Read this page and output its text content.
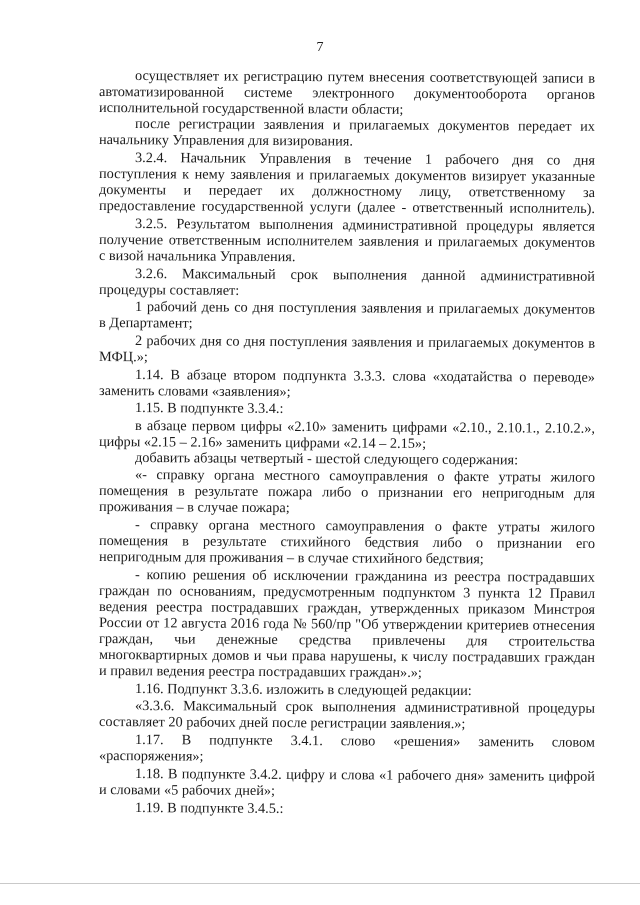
7
осуществляет их регистрацию путем внесения соответствующей записи в
автоматизированной системе электронного документооборота органов
исполнительной государственной власти области;
после регистрации заявления и прилагаемых документов передает их
начальнику Управления для визирования.
3.2.4. Начальник Управления в течение 1 рабочего дня со дня
поступления к нему заявления и прилагаемых документов визирует указанные
документы и передает их должностному лицу, ответственному за
предоставление государственной услуги (далее - ответственный исполнитель).
3.2.5. Результатом выполнения административной процедуры является
получение ответственным исполнителем заявления и прилагаемых документов
с визой начальника Управления.
3.2.6. Максимальный срок выполнения данной административной
процедуры составляет:
1 рабочий день со дня поступления заявления и прилагаемых документов
в Департамент;
2 рабочих дня со дня поступления заявления и прилагаемых документов в
МФЦ.»;
1.14. В абзаце втором подпункта 3.3.3. слова «ходатайства о переводе»
заменить словами «заявления»;
1.15. В подпункте 3.3.4.:
в абзаце первом цифры «2.10» заменить цифрами «2.10., 2.10.1., 2.10.2.»,
цифры «2.15 – 2.16» заменить цифрами «2.14 – 2.15»;
добавить абзацы четвертый - шестой следующего содержания:
«- справку органа местного самоуправления о факте утраты жилого
помещения в результате пожара либо о признании его непригодным для
проживания – в случае пожара;
- справку органа местного самоуправления о факте утраты жилого
помещения в результате стихийного бедствия либо о признании его
непригодным для проживания – в случае стихийного бедствия;
- копию решения об исключении гражданина из реестра пострадавших
граждан по основаниям, предусмотренным подпунктом 3 пункта 12 Правил
ведения реестра пострадавших граждан, утвержденных приказом Минстроя
России от 12 августа 2016 года № 560/пр "Об утверждении критериев отнесения
граждан, чьи денежные средства привлечены для строительства
многоквартирных домов и чьи права нарушены, к числу пострадавших граждан
и правил ведения реестра пострадавших граждан».»;
1.16. Подпункт 3.3.6. изложить в следующей редакции:
«3.3.6. Максимальный срок выполнения административной процедуры
составляет 20 рабочих дней после регистрации заявления.»;
1.17. В подпункте 3.4.1. слово «решения» заменить словом
«распоряжения»;
1.18. В подпункте 3.4.2. цифру и слова «1 рабочего дня» заменить цифрой
и словами «5 рабочих дней»;
1.19. В подпункте 3.4.5.:
